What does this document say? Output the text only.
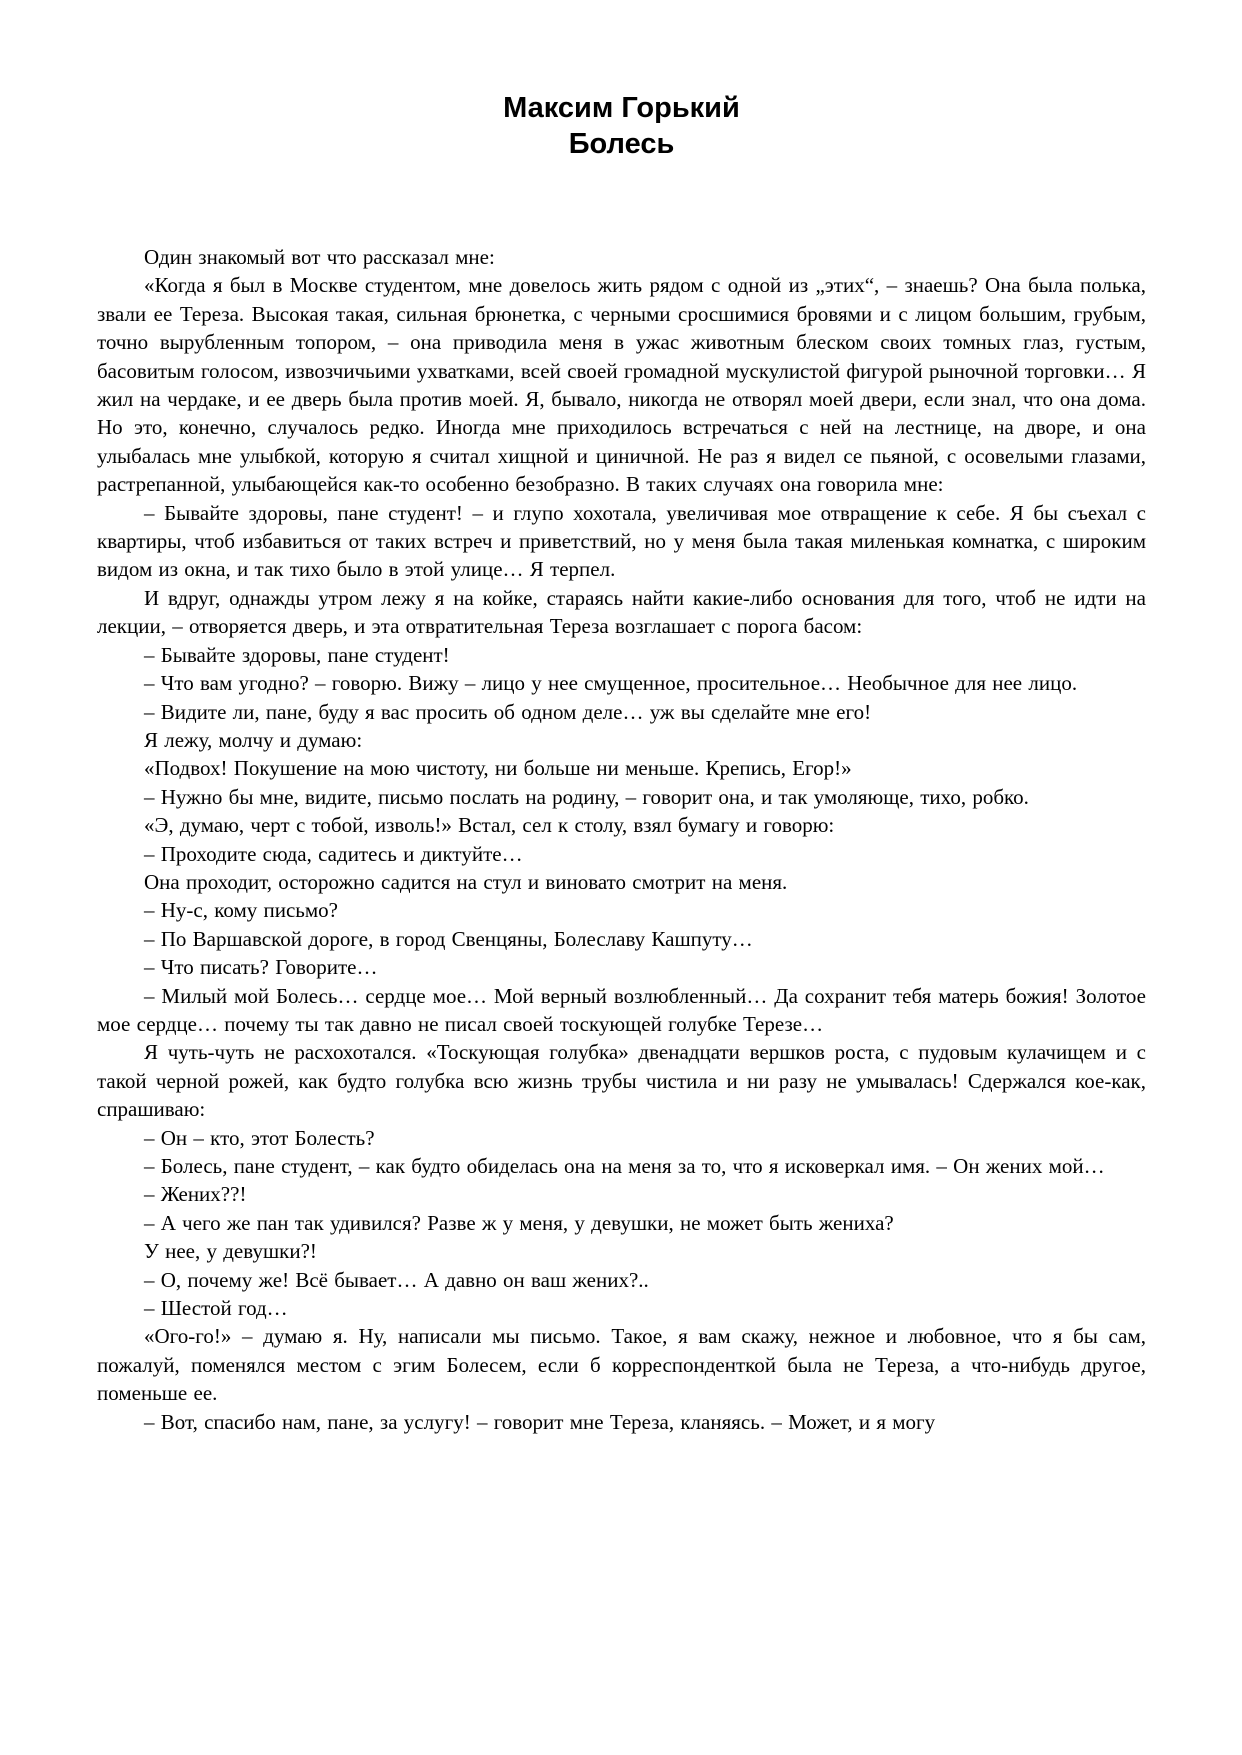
Максим Горький
Болесь

Один знакомый вот что рассказал мне:

«Когда я был в Москве студентом, мне довелось жить рядом с одной из „этих“, – знаешь? Она была полька, звали ее Тереза. Высокая такая, сильная брюнетка, с черными сросшимися бровями и с лицом большим, грубым, точно вырубленным топором, – она приводила меня в ужас животным блеском своих томных глаз, густым, басовитым голосом, извозчичьими ухватками, всей своей громадной мускулистой фигурой рыночной торговки… Я жил на чердаке, и ее дверь была против моей. Я, бывало, никогда не отворял моей двери, если знал, что она дома. Но это, конечно, случалось редко. Иногда мне приходилось встречаться с ней на лестнице, на дворе, и она улыбалась мне улыбкой, которую я считал хищной и циничной. Не раз я видел се пьяной, с осовелыми глазами, растрепанной, улыбающейся как-то особенно безобразно. В таких случаях она говорила мне:

– Бывайте здоровы, пане студент! – и глупо хохотала, увеличивая мое отвращение к себе. Я бы съехал с квартиры, чтоб избавиться от таких встреч и приветствий, но у меня была такая миленькая комнатка, с широким видом из окна, и так тихо было в этой улице… Я терпел.

И вдруг, однажды утром лежу я на койке, стараясь найти какие-либо основания для того, чтоб не идти на лекции, – отворяется дверь, и эта отвратительная Тереза возглашает с порога басом:

– Бывайте здоровы, пане студент!

– Что вам угодно? – говорю. Вижу – лицо у нее смущенное, просительное… Необычное для нее лицо.

– Видите ли, пане, буду я вас просить об одном деле… уж вы сделайте мне его!

Я лежу, молчу и думаю:

«Подвох! Покушение на мою чистоту, ни больше ни меньше. Крепись, Егор!»

– Нужно бы мне, видите, письмо послать на родину, – говорит она, и так умоляюще, тихо, робко.

«Э, думаю, черт с тобой, изволь!» Встал, сел к столу, взял бумагу и говорю:

– Проходите сюда, садитесь и диктуйте…

Она проходит, осторожно садится на стул и виновато смотрит на меня.

– Ну-с, кому письмо?

– По Варшавской дороге, в город Свенцяны, Болеславу Кашпуту…

– Что писать? Говорите…

– Милый мой Болесь… сердце мое… Мой верный возлюбленный… Да сохранит тебя матерь божия! Золотое мое сердце… почему ты так давно не писал своей тоскующей голубке Терезе…

Я чуть-чуть не расхохотался. «Тоскующая голубка» двенадцати вершков роста, с пудовым кулачищем и с такой черной рожей, как будто голубка всю жизнь трубы чистила и ни разу не умывалась! Сдержался кое-как, спрашиваю:

– Он – кто, этот Болесть?

– Болесь, пане студент, – как будто обиделась она на меня за то, что я исковеркал имя. – Он жених мой…

– Жених??!

– А чего же пан так удивился? Разве ж у меня, у девушки, не может быть жениха?

У нее, у девушки?!

– О, почему же! Всё бывает… А давно он ваш жених?..

– Шестой год…

«Ого-го!» – думаю я. Ну, написали мы письмо. Такое, я вам скажу, нежное и любовное, что я бы сам, пожалуй, поменялся местом с эгим Болесем, если б корреспонденткой была не Тереза, а что-нибудь другое, поменьше ее.

– Вот, спасибо нам, пане, за услугу! – говорит мне Тереза, кланяясь. – Может, и я могу
